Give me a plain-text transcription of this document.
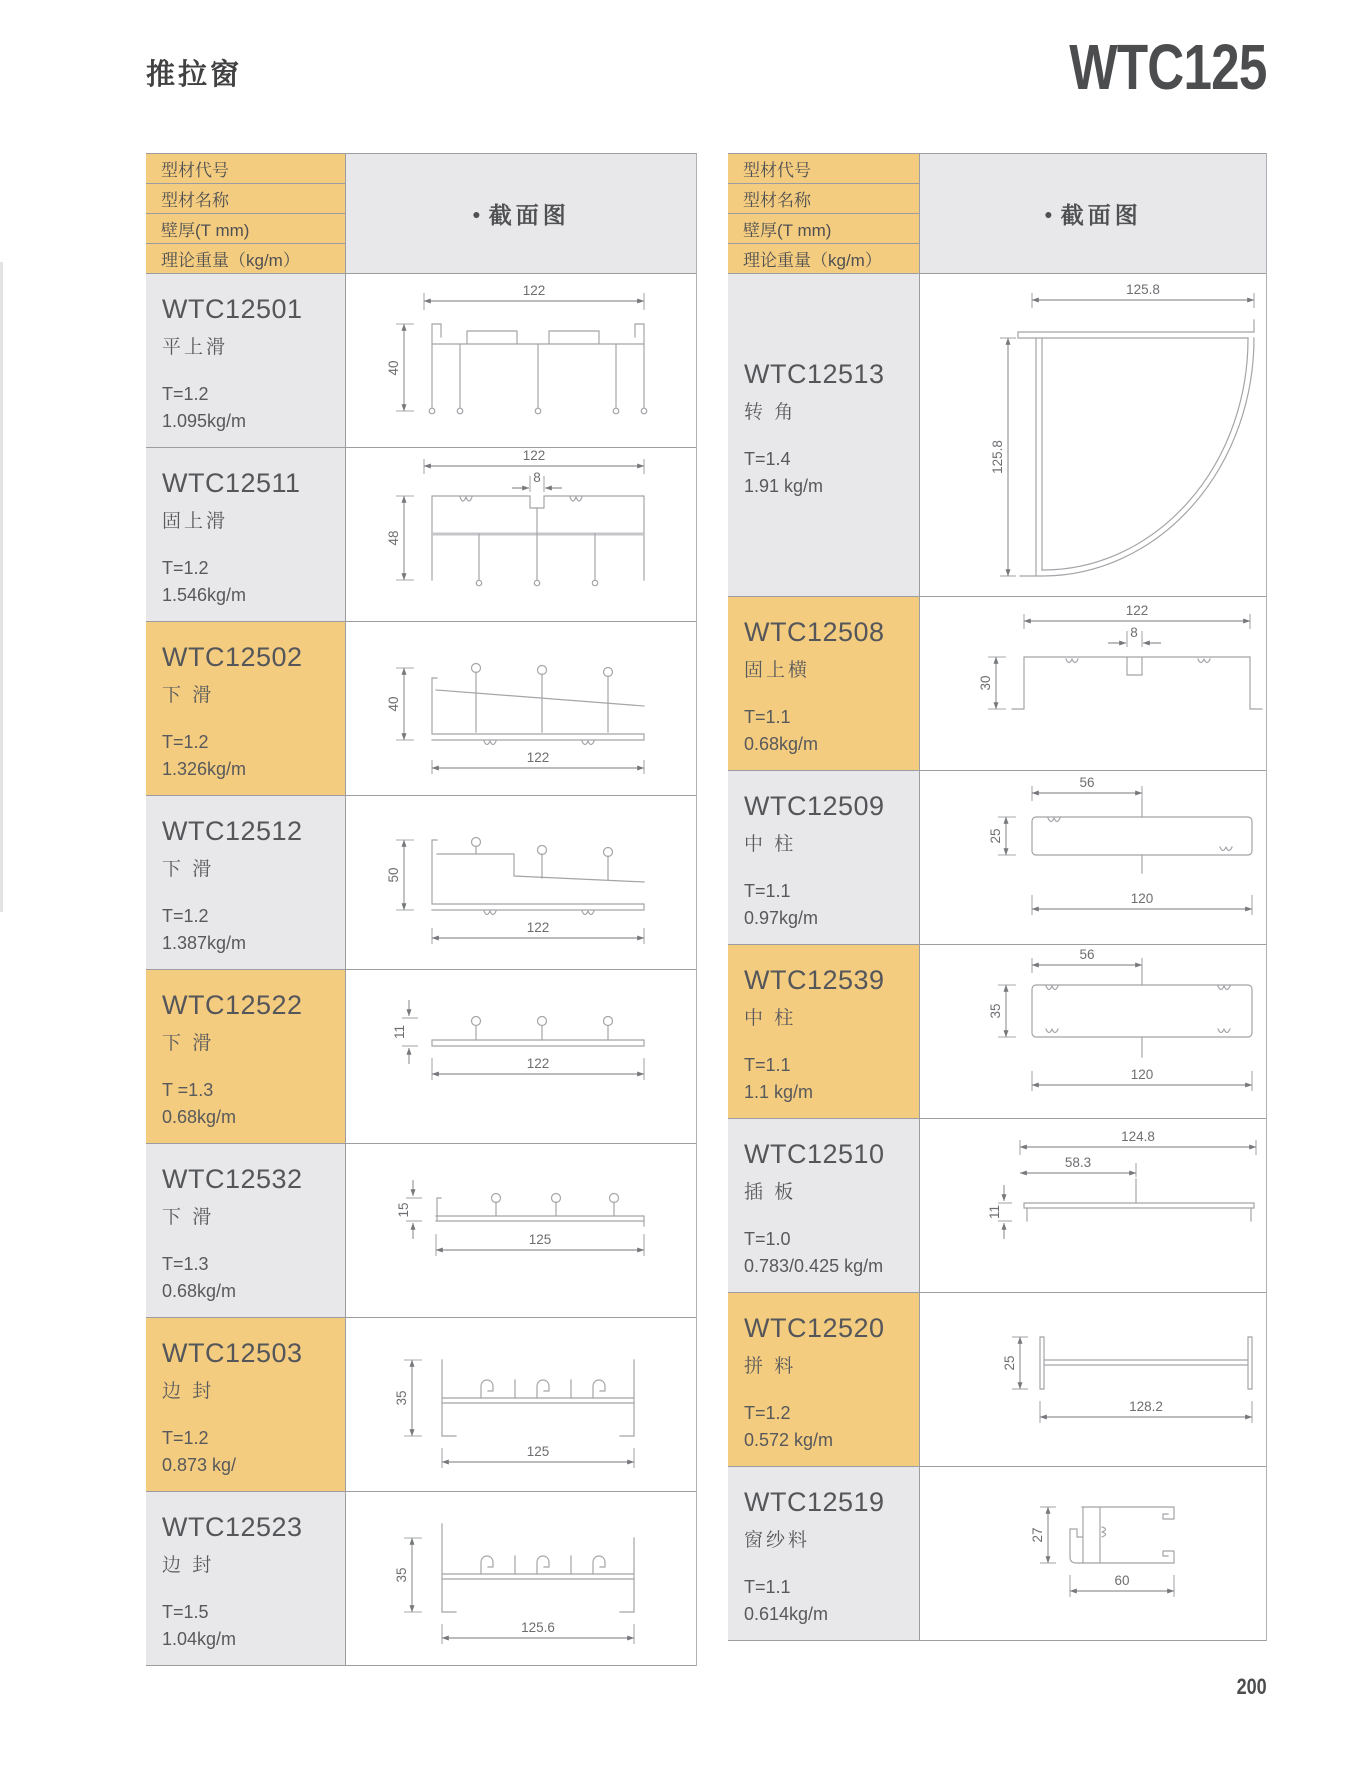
推拉窗	WTC125
型材代号
型材名称
壁厚(T mm)
理论重量（kg/m）
● 截面图
WTC12501
平上滑
T=1.2
1.095kg/m
122
40
WTC12511
固上滑
T=1.2
1.546kg/m
122
8
48
WTC12502
下 滑
T=1.2
1.326kg/m
40
122
WTC12512
下 滑
T=1.2
1.387kg/m
50
122
WTC12522
下 滑
T =1.3
0.68kg/m
11
122
WTC12532
下 滑
T=1.3
0.68kg/m
15
125
WTC12503
边 封
T=1.2
0.873 kg/
35
125
WTC12523
边 封
T=1.5
1.04kg/m
35
125.6
型材代号
型材名称
壁厚(T mm)
理论重量（kg/m）
● 截面图
WTC12513
转 角
T=1.4
1.91 kg/m
125.8
125.8
WTC12508
固上横
T=1.1
0.68kg/m
122
8
30
WTC12509
中 柱
T=1.1
0.97kg/m
56
25
120
WTC12539
中 柱
T=1.1
1.1 kg/m
56
35
120
WTC12510
插 板
T=1.0
0.783/0.425 kg/m
124.8
58.3
11
WTC12520
拼 料
T=1.2
0.572 kg/m
25
128.2
WTC12519
窗纱料
T=1.1
0.614kg/m
27
60
200
